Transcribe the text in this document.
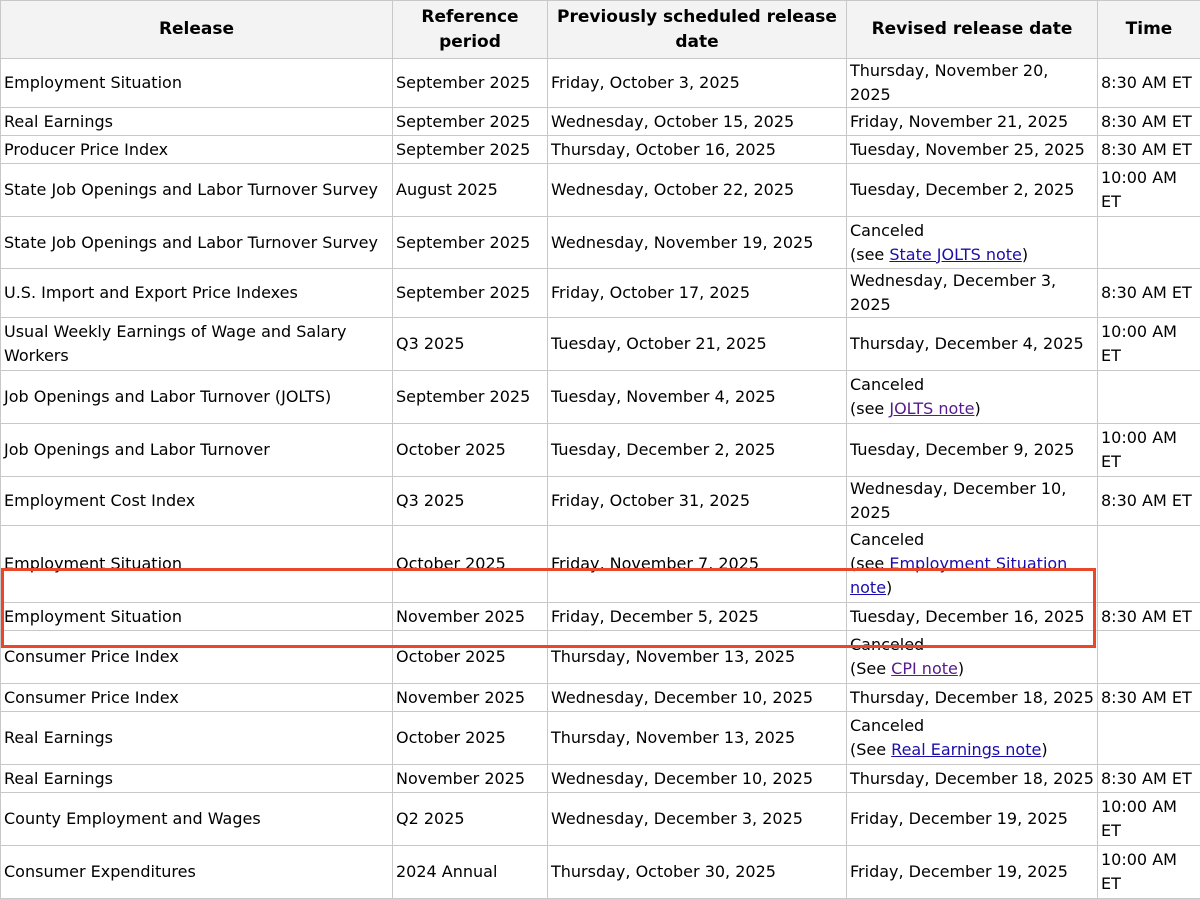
Release	Reference period	Previously scheduled release date	Revised release date	Time
Employment Situation	September 2025	Friday, October 3, 2025	Thursday, November 20, 2025	8:30 AM ET
Real Earnings	September 2025	Wednesday, October 15, 2025	Friday, November 21, 2025	8:30 AM ET
Producer Price Index	September 2025	Thursday, October 16, 2025	Tuesday, November 25, 2025	8:30 AM ET
State Job Openings and Labor Turnover Survey	August 2025	Wednesday, October 22, 2025	Tuesday, December 2, 2025	10:00 AM ET
State Job Openings and Labor Turnover Survey	September 2025	Wednesday, November 19, 2025	Canceled
(see State JOLTS note)	
U.S. Import and Export Price Indexes	September 2025	Friday, October 17, 2025	Wednesday, December 3, 2025	8:30 AM ET
Usual Weekly Earnings of Wage and Salary Workers	Q3 2025	Tuesday, October 21, 2025	Thursday, December 4, 2025	10:00 AM ET
Job Openings and Labor Turnover (JOLTS)	September 2025	Tuesday, November 4, 2025	Canceled
(see JOLTS note)	
Job Openings and Labor Turnover	October 2025	Tuesday, December 2, 2025	Tuesday, December 9, 2025	10:00 AM ET
Employment Cost Index	Q3 2025	Friday, October 31, 2025	Wednesday, December 10, 2025	8:30 AM ET
Employment Situation	October 2025	Friday, November 7, 2025	Canceled
(see Employment Situation note)	
Employment Situation	November 2025	Friday, December 5, 2025	Tuesday, December 16, 2025	8:30 AM ET
Consumer Price Index	October 2025	Thursday, November 13, 2025	Canceled
(See CPI note)	
Consumer Price Index	November 2025	Wednesday, December 10, 2025	Thursday, December 18, 2025	8:30 AM ET
Real Earnings	October 2025	Thursday, November 13, 2025	Canceled
(See Real Earnings note)	
Real Earnings	November 2025	Wednesday, December 10, 2025	Thursday, December 18, 2025	8:30 AM ET
County Employment and Wages	Q2 2025	Wednesday, December 3, 2025	Friday, December 19, 2025	10:00 AM ET
Consumer Expenditures	2024 Annual	Thursday, October 30, 2025	Friday, December 19, 2025	10:00 AM ET
